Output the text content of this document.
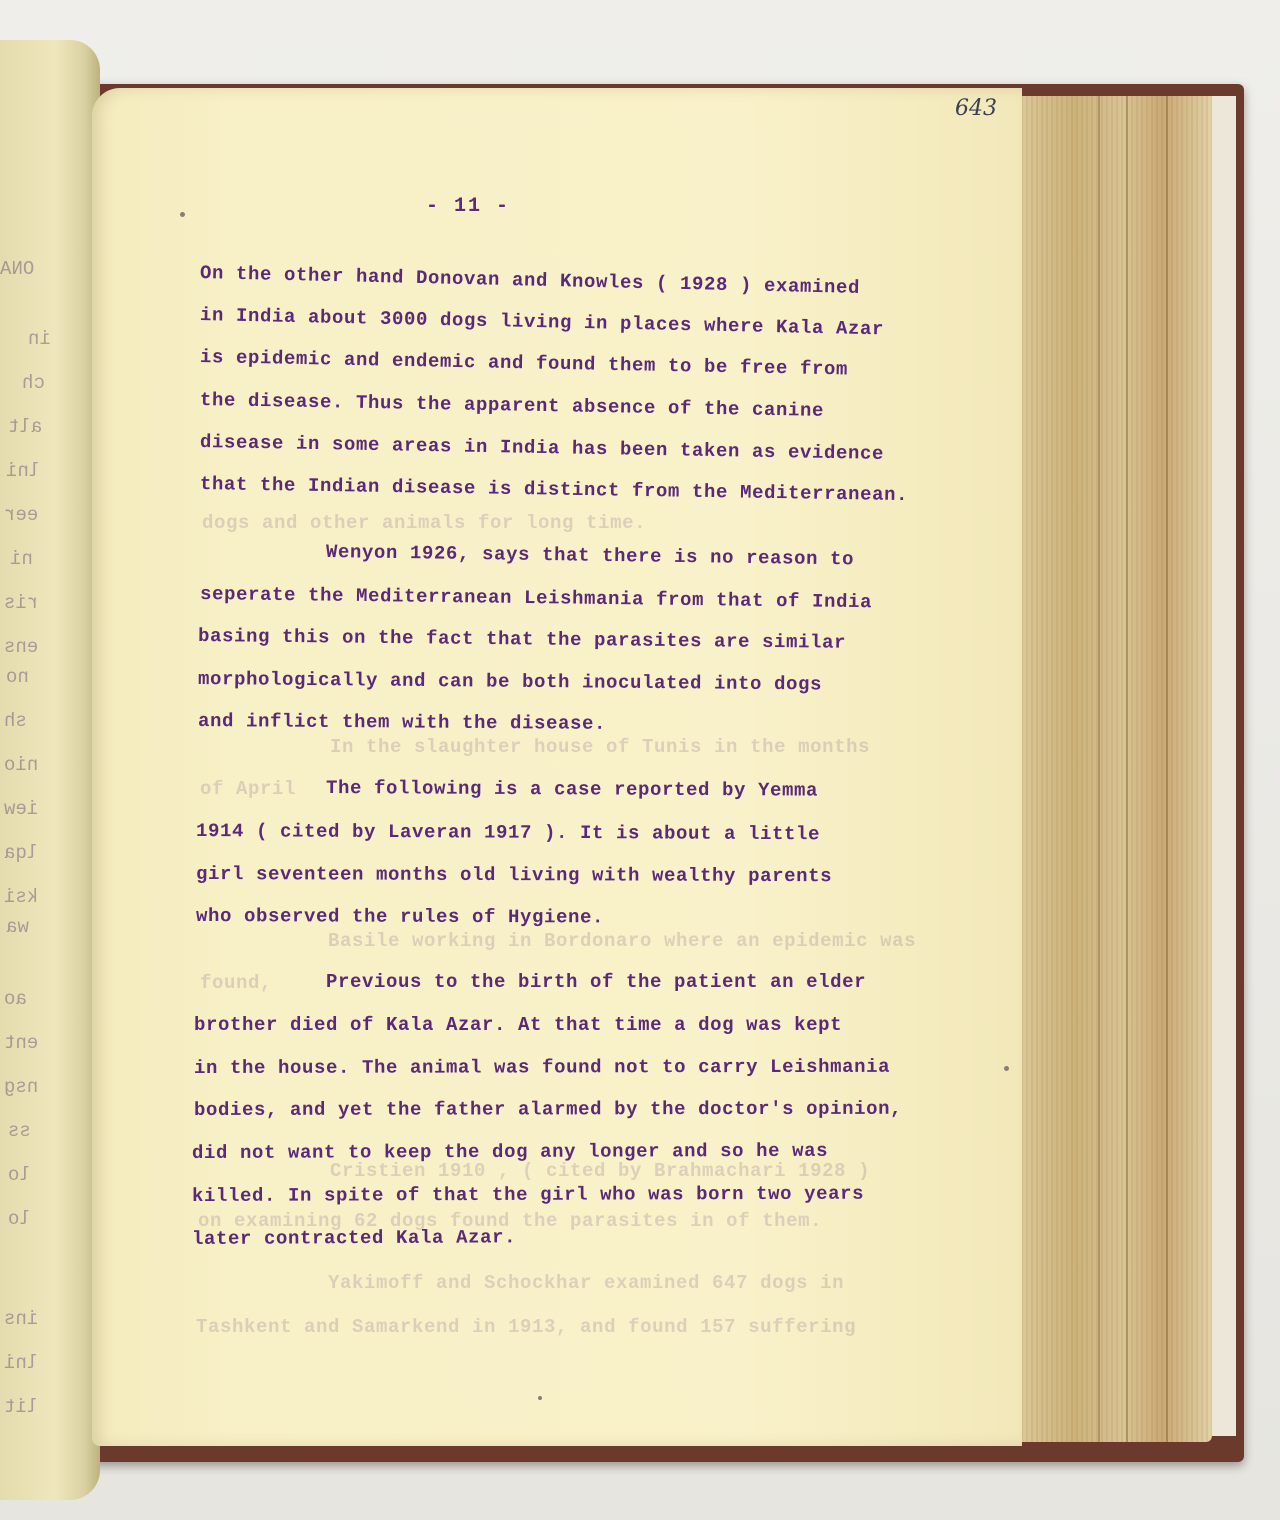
ONA
in
ch
alt
lni
eer
ni
ris
ens
no
sh
nio
iew
lqa
ksi
wa
ao
ent
nsg
ss
lo
lo
ins
lni
lit
dogs and other animals for long time.
In the slaughter house of Tunis in the months
of April
Basile working in Bordonaro where an epidemic was
found,
Cristien 1910 , ( cited by Brahmachari 1928 )
on examining 62 dogs found the parasites in of them.
Yakimoff and Schockhar examined 647 dogs in
Tashkent and Samarkend in 1913, and found 157 suffering
643
- 11 -
On the other hand Donovan and Knowles ( 1928 ) examined
in India about 3000 dogs living in places where Kala Azar
is epidemic and endemic and found them to be free from
the disease. Thus the apparent absence of the canine
disease in some areas in India has been taken as evidence
that the Indian disease is distinct from the Mediterranean.
Wenyon 1926, says that there is no reason to
seperate the Mediterranean Leishmania from that of India
basing this on the fact that the parasites are similar
morphologically and can be both inoculated into dogs
and inflict them with the disease.
The following is a case reported by Yemma
1914 ( cited by Laveran 1917 ). It is about a little
girl seventeen months old living with wealthy parents
who observed the rules of Hygiene.
Previous to the birth of the patient an elder
brother died of Kala Azar. At that time a dog was kept
in the house. The animal was found not to carry Leishmania
bodies, and yet the father alarmed by the doctor's opinion,
did not want to keep the dog any longer and so he was
killed. In spite of that the girl who was born two years
later contracted Kala Azar.
